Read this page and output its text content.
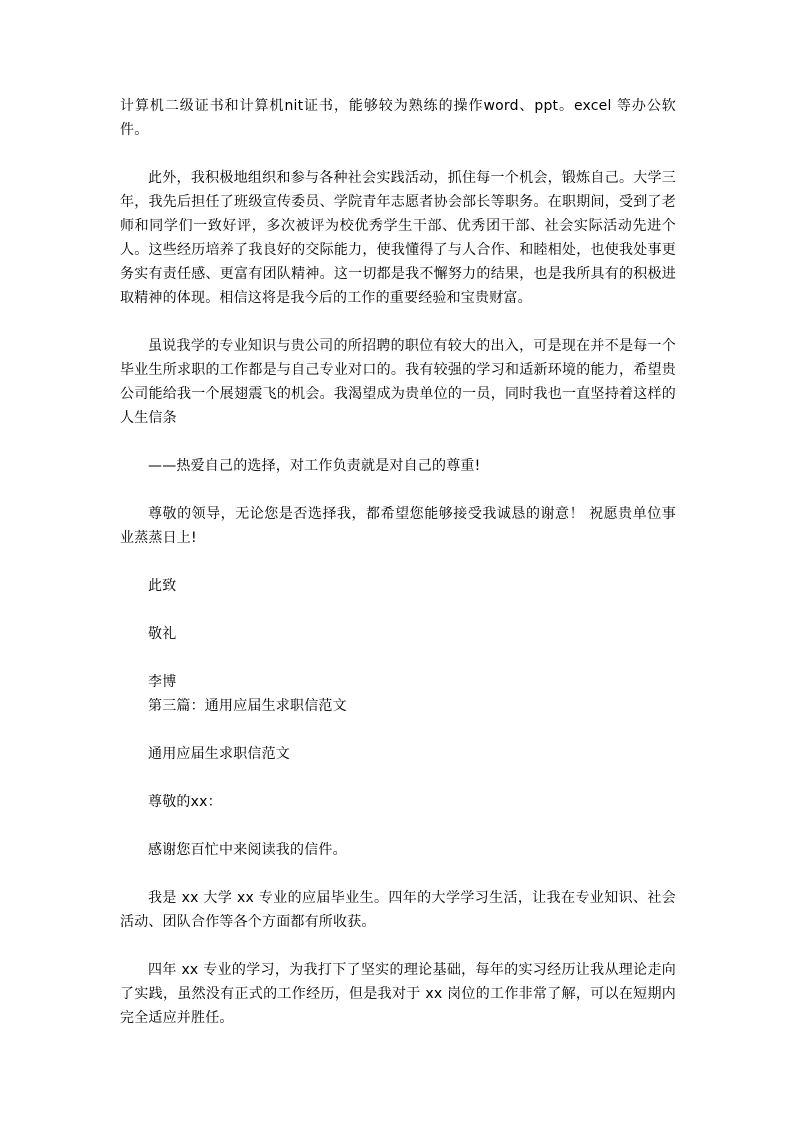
计算机二级证书和计算机nit证书，能够较为熟练的操作word、ppt。excel 等办公软件。

此外，我积极地组织和参与各种社会实践活动，抓住每一个机会，锻炼自己。大学三年，我先后担任了班级宣传委员、学院青年志愿者协会部长等职务。在职期间，受到了老师和同学们一致好评，多次被评为校优秀学生干部、优秀团干部、社会实际活动先进个人。这些经历培养了我良好的交际能力，使我懂得了与人合作、和睦相处，也使我处事更务实有责任感、更富有团队精神。这一切都是我不懈努力的结果，也是我所具有的积极进取精神的体现。相信这将是我今后的工作的重要经验和宝贵财富。

虽说我学的专业知识与贵公司的所招聘的职位有较大的出入，可是现在并不是每一个毕业生所求职的工作都是与自己专业对口的。我有较强的学习和适新环境的能力，希望贵公司能给我一个展翅震飞的机会。我渴望成为贵单位的一员，同时我也一直坚持着这样的人生信条

——热爱自己的选择，对工作负责就是对自己的尊重!

尊敬的领导，无论您是否选择我，都希望您能够接受我诚恳的谢意！ 祝愿贵单位事业蒸蒸日上!

此致

敬礼

李博

第三篇：通用应届生求职信范文

通用应届生求职信范文

尊敬的xx：

感谢您百忙中来阅读我的信件。

我是 xx 大学 xx 专业的应届毕业生。四年的大学学习生活，让我在专业知识、社会活动、团队合作等各个方面都有所收获。

四年 xx 专业的学习，为我打下了坚实的理论基础，每年的实习经历让我从理论走向了实践，虽然没有正式的工作经历，但是我对于 xx 岗位的工作非常了解，可以在短期内完全适应并胜任。
